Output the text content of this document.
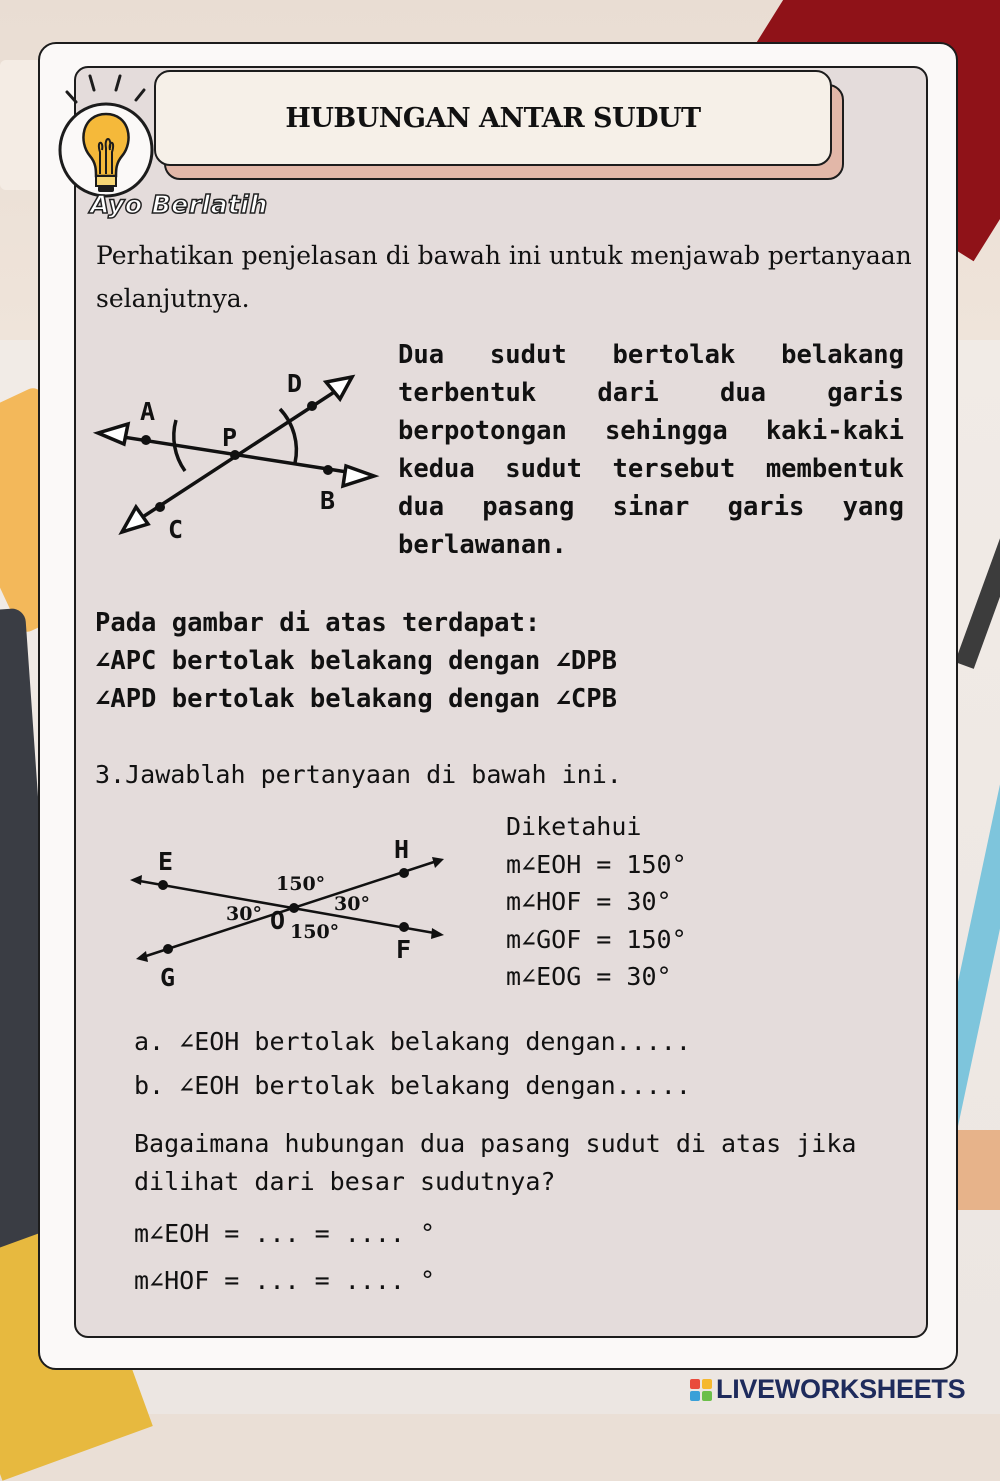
HUBUNGAN ANTAR SUDUT
Ayo Berlatih
Perhatikan penjelasan di bawah ini untuk menjawab pertanyaan selanjutnya.
A
B
C
D
P
Dua sudut bertolak belakang terbentuk dari dua garis berpotongan sehingga kaki-kaki kedua sudut tersebut membentuk dua pasang sinar garis yang berlawanan.
Pada gambar di atas terdapat:
∠APC bertolak belakang dengan ∠DPB
∠APD bertolak belakang dengan ∠CPB
3.Jawablah pertanyaan di bawah ini.
E	H
G
F
O
150°
30°
30°
150°
Diketahui
m∠EOH = 150°
m∠HOF = 30°
m∠GOF = 150°
m∠EOG = 30°
a. ∠EOH bertolak belakang dengan.....
b. ∠EOH bertolak belakang dengan.....
Bagaimana hubungan dua pasang sudut di atas jika dilihat dari besar sudutnya?
m∠EOH = ... = .... °
m∠HOF = ... = .... °
LIVEWORKSHEETS
